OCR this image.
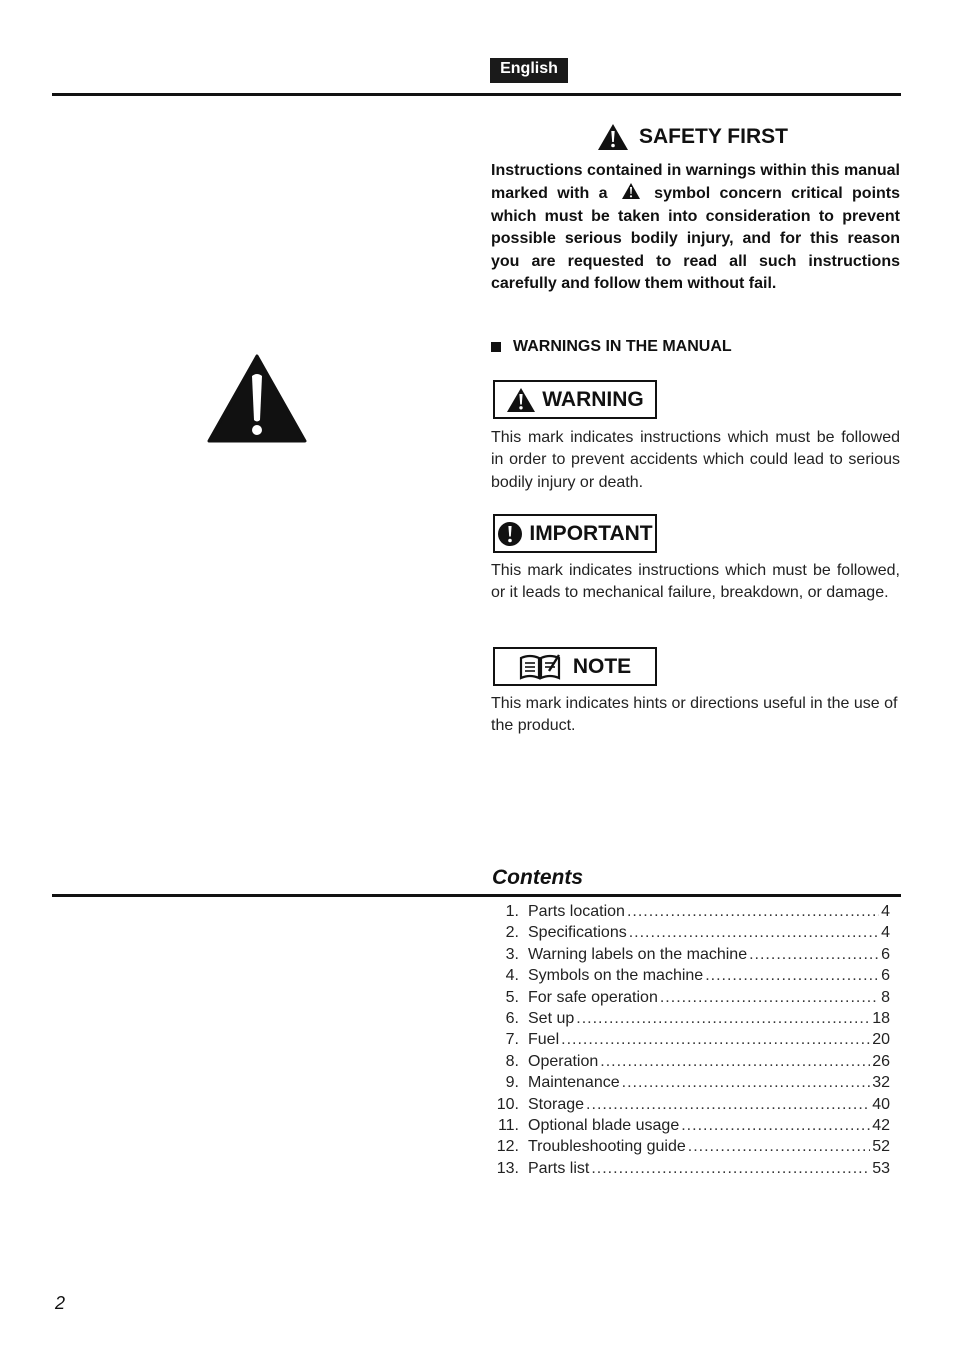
English
SAFETY FIRST

Instructions contained in warnings within this manual marked with a	symbol concern critical points which must be taken into consideration to prevent possible serious bodily injury, and for this reason you are requested to read all such instructions carefully and follow them without fail.

WARNINGS IN THE MANUAL
WARNING

This mark indicates instructions which must be followed in order to prevent accidents which could lead to serious bodily injury or death.

IMPORTANT

This mark indicates instructions which must be followed, or it leads to mechanical failure, breakdown, or damage.

NOTE

This mark indicates hints or directions useful in the use of the product.

Contents
1. Parts location .....	4
2. Specifications .....	4
3. Warning labels on the machine .....	6
4. Symbols on the machine .....	6
5. For safe operation .....	8
6. Set up .....	18
7. Fuel .....	20
8. Operation .....	26
9. Maintenance .....	32
10. Storage .....	40
11. Optional blade usage .....	42
12. Troubleshooting guide .....	52
13. Parts list .....	53
2
